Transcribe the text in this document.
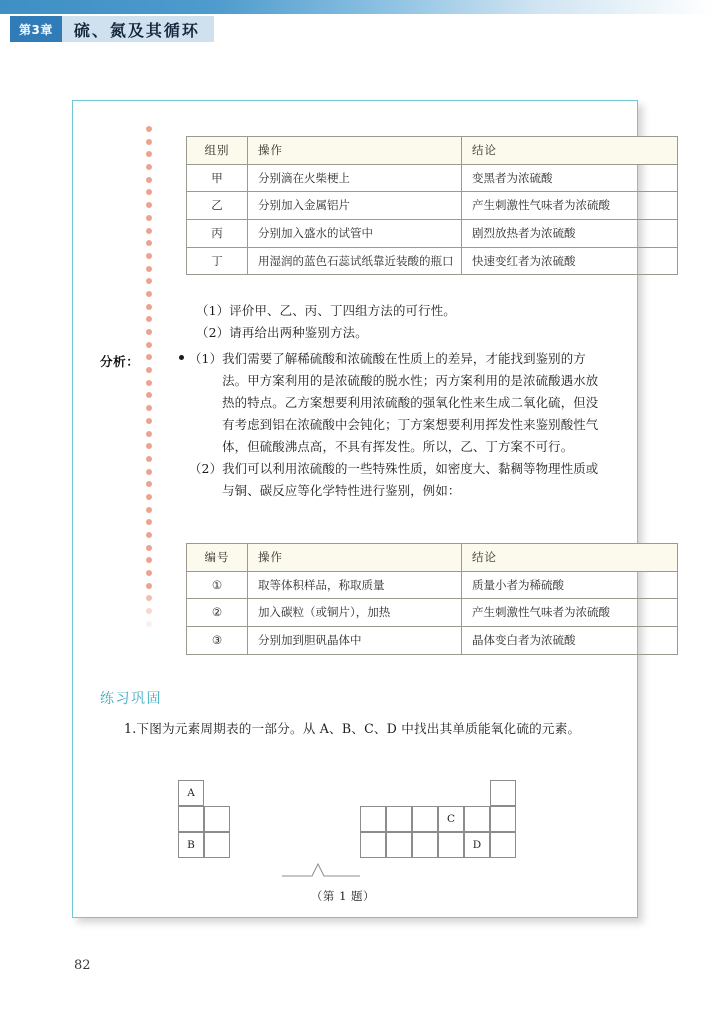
第3章	硫、氮及其循环
组别	操作	结论
甲	分别滴在火柴梗上	变黑者为浓硫酸
乙	分别加入金属铝片	产生刺激性气味者为浓硫酸
丙	分别加入盛水的试管中	剧烈放热者为浓硫酸
丁	用湿润的蓝色石蕊试纸靠近装酸的瓶口	快速变红者为浓硫酸
（1）评价甲、乙、丙、丁四组方法的可行性。
（2）请再给出两种鉴别方法。
分析：	（1） 我们需要了解稀硫酸和浓硫酸在性质上的差异，才能找到鉴别的方法。甲方案利用的是浓硫酸的脱水性；丙方案利用的是浓硫酸遇水放热的特点。乙方案想要利用浓硫酸的强氧化性来生成二氧化硫，但没有考虑到铝在浓硫酸中会钝化；丁方案想要利用挥发性来鉴别酸性气体，但硫酸沸点高，不具有挥发性。所以，乙、丁方案不可行。
（2） 我们可以利用浓硫酸的一些特殊性质，如密度大、黏稠等物理性质或与铜、碳反应等化学特性进行鉴别，例如：
编号	操作	结论
①	取等体积样品，称取质量	质量小者为稀硫酸
②	加入碳粒（或铜片），加热	产生刺激性气味者为浓硫酸
③	分别加到胆矾晶体中	晶体变白者为浓硫酸
练习巩固
1.下图为元素周期表的一部分。从 A、B、C、D 中找出其单质能氧化硫的元素。
A
B
C
D
（第 1 题）
82
